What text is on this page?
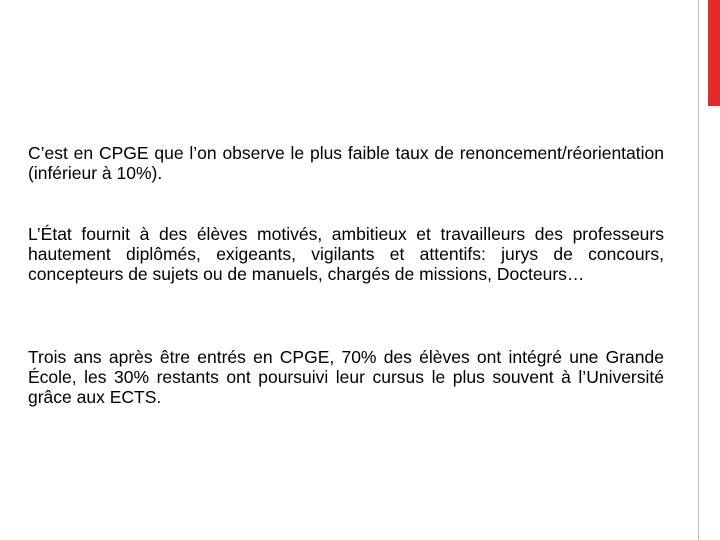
C’est en CPGE que l’on observe le plus faible taux de renoncement/réorientation (inférieur à 10%).

L’État fournit à des élèves motivés, ambitieux et travailleurs des professeurs hautement diplômés, exigeants, vigilants et attentifs: jurys de concours, concepteurs de sujets ou de manuels, chargés de missions, Docteurs…

Trois ans après être entrés en CPGE, 70% des élèves ont intégré une Grande École, les 30% restants ont poursuivi leur cursus le plus souvent à l’Université grâce aux ECTS.
